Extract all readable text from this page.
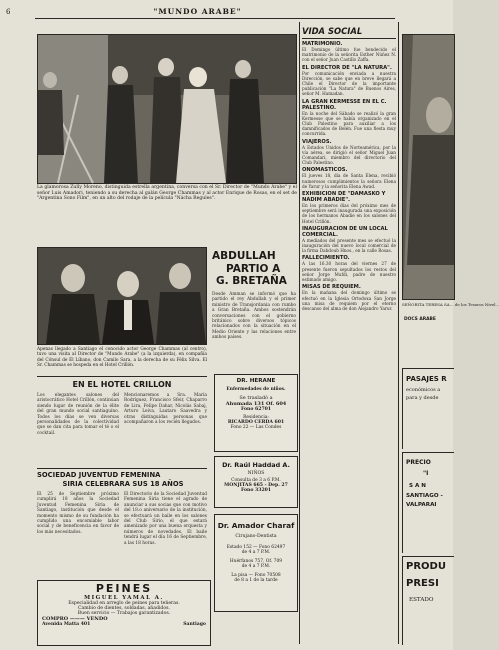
6	"MUNDO ARABE"
La glamorosa Zully Moreno, distinguida estrella argentina, conversa con el Sr. Director de "Mundo Arabe" y el señor Luis Amadori, teniendo a su derecha al galán George Chammas y al actor Enrique de Rosas, en el set de "Argentina Sono Film", en un alto del rodaje de la película "Nácha Regules".
Apenas llegado a Santiago el conocido actor George Chammas (al centro), tuvo una visita al Director de "Mundo Arabe" (a la izquierda), en compañía del Cónsul de El Líbano, don Camilo Sara, a la derecha de su Félix Silva. El Sr. Chammas se hospeda en el Hotel Crillón.
ABDULLAH
PARTIO A
G. BRETAÑA
Desde Amman se informó que ha partido el rey Abdullah y el primer ministro de Transjordania con rumbo a Gran Bretaña. Ambos sostendrán conversaciones con el gobierno británico sobre diversos tópicos relacionados con la situación en el Medio Oriente y las relaciones entre ambos países.
EN EL HOTEL CRILLON
Los elegantes salones del aristocrático Hotel Crillón, continúan siendo lugar de reunión de la élite del gran mundo social santiaguino. Todos los días se ven diversas personalidades de la colectividad que se dan cita para tomar el té o el cocktail.
Mencionaremos a Sra. María Rodríguez, Francisco Sfeir, Chaparro de Lira, Felipe Dahar, Nicolás Sabaj, Arturo Leiva, Lautaro Saavedra y otras distinguidas personas que acompañaron a los recién llegados.
SOCIEDAD JUVENTUD FEMENINA
SIRIA CELEBRARA SUS 18 AÑOS
El 25 de Septiembre próximo cumplirá 18 años la Sociedad Juventud Femenina Siria de Santiago, institución que desde el momento mismo de su fundación ha cumplido una encomiable labor social y de beneficencia en favor de los más necesitados.
El Directorio de la Sociedad Juventud Femenina Siria tiene el agrado de anunciar a sus socias que con motivo del 18.o aniversario de la institución, se efectuará un baile en los salones del Club Sirio, el que estará amenizado por una buena orquesta y números de novedades. El baile tendrá lugar el día 16 de Septiembre, a las 18 horas.

PEINES

MIGUEL YAMAL A.

Especialidad en arreglo de peines para teñeras.

Cambio de dientes, soldadas, añadidos.

Buen servicio — Trabajos garantizados.

COMPRO ——— VENDO

Avenida Matta 401	Santiago

DR. HERANE

Enfermedades de niños.

Se trasladó a

Ahumada 131 Of. 604

Fono 62701

Residencia:

RICARDO CERDA 601

Fono 22 — Las Condes

Dr. Raúl Haddad A.

NIÑOS

Consulta de 3 a 6 P.M.

MONJITAS 665 - Dep. 27

Fono 33201

Dr. Amador Charaf

Cirujano-Dentista

Estado 152 — Fono 62497

de 4 a 7 P.M.

Huérfanos 757, Of. 709

de 4 a 7 P.M.

La pisa — Fono 70508

de 8 a 1 de la tarde

VIDA SOCIAL

MATRIMONIO.

El Domingo último fue bendecido el matrimonio de la señorita Esther Núñez N. con el señor Juan Castillo Zaffa.

EL DIRECTOR DE "LA NATURA".

Por comunicación enviada a nuestra Dirección, se sabe que en breve llegará a Chile el Director de la importante publicación "La Natura" de Buenos Aires, señor M. Hamadan.

LA GRAN KERMESSE EN EL C. PALESTINO.

En la noche del Sábado se realizó la gran Kermesse que se había organizado en el Club Palestino para auxiliar a los damnificados de Belén. Fue una fiesta muy concurrida.

VIAJEROS.

A Estados Unidos de Norteamérica, por la vía aérea, se dirigió el señor Miguel Juan Comandari, miembro del directorio del Club Palestino.

ONOMASTICOS.

El jueves 18, día de Santa Elena, recibió numerosos cumplimientos la señora Elena de Yarur y la señorita Elena Awad.

EXHIBICION DE "DAMASKO Y NADIM ABADIE".

En los primeros días del próximo mes de septiembre será inaugurada una exposición de los hermanos Abadie en los salones del Hotel Crillón.

INAUGURACION DE UN LOCAL COMERCIAL.

A mediados del presente mes se efectuó la inauguración del nuevo local comercial de la firma Dabdoub Hnos., en la calle Rosas.

FALLECIMIENTO.

A las 16.30 horas del viernes 27 de presente fueron sepultados los restos del señor Jorge Mufdi, padre de nuestro estimado amigo.

MISAS DE REQUIEM.

En la mañana del domingo último se efectuó en la Iglesia Ortodoxa San Jorge una misa de requiem por el eterno descanso del alma de don Alejandro Yarur.

SEÑORITA TERESA SA... de los Tesoros Nivel...
DOCS ARABE
PASAJES R
económicos a
para y desde
PRECIO
"I
S A N
SANTIAGO -
VALPARAI
PRODU
PRESI
ESTADO
